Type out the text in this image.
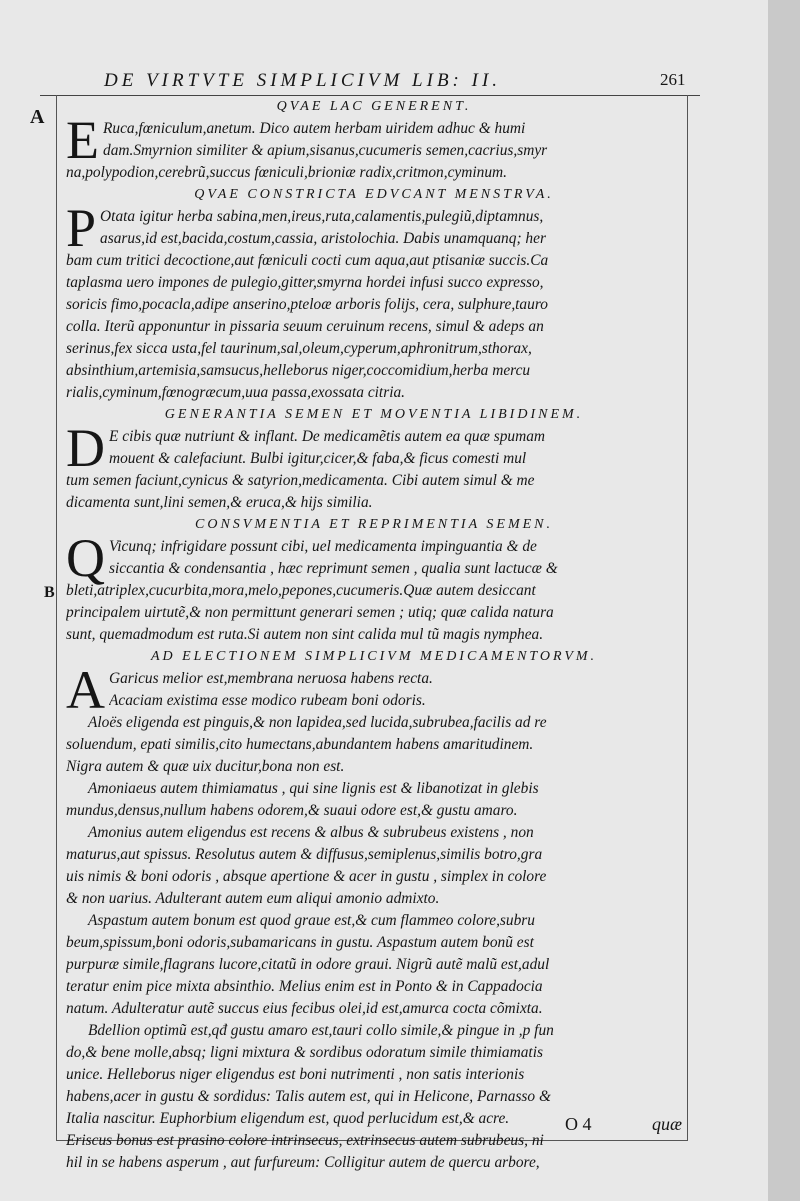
DE VIRTVTE SIMPLICIVM LIB: II.	261
A
B
QVAE LAC GENERENT.
E Ruca,fœniculum,anetum. Dico autem herbam uiridem adhuc & humi
dam.Smyrnion similiter & apium,sisanus,cucumeris semen,cacrius,smyr
na,polypodion,cerebrũ,succus fœniculi,brioniæ radix,critmon,cyminum.
QVAE CONSTRICTA EDVCANT MENSTRVA.
P Otata igitur herba sabina,men,ireus,ruta,calamentis,pulegiũ,diptamnus,
asarus,id est,bacida,costum,cassia, aristolochia. Dabis unamquanq; her
bam cum tritici decoctione,aut fœniculi cocti cum aqua,aut ptisaniæ succis.Ca
taplasma uero impones de pulegio,gitter,smyrna hordei infusi succo expresso,
soricis fimo,pocacla,adipe anserino,pteloæ arboris folijs, cera, sulphure,tauro
colla. Iterũ apponuntur in pissaria seuum ceruinum recens, simul & adeps an
serinus,fex sicca usta,fel taurinum,sal,oleum,cyperum,aphronitrum,sthorax,
absinthium,artemisia,samsucus,helleborus niger,coccomidium,herba mercu
rialis,cyminum,fœnogræcum,uua passa,exossata citria.
GENERANTIA SEMEN ET MOVENTIA LIBIDINEM.
D E cibis quæ nutriunt & inflant. De medicamẽtis autem ea quæ spumam
mouent & calefaciunt. Bulbi igitur,cicer,& faba,& ficus comesti mul
tum semen faciunt,cynicus & satyrion,medicamenta. Cibi autem simul & me
dicamenta sunt,lini semen,& eruca,& hijs similia.
CONSVMENTIA ET REPRIMENTIA SEMEN.
Q Vicunq; infrigidare possunt cibi, uel medicamenta impinguantia & de
siccantia & condensantia , hæc reprimunt semen , qualia sunt lactucæ &
bleti,atriplex,cucurbita,mora,melo,pepones,cucumeris.Quæ autem desiccant
principalem uirtutẽ,& non permittunt generari semen ; utiq; quæ calida natura
sunt, quemadmodum est ruta.Si autem non sint calida mul tũ magis nymphea.
AD ELECTIONEM SIMPLICIVM MEDICAMENTORVM.
A Garicus melior est,membrana neruosa habens recta.
Acaciam existima esse modico rubeam boni odoris.
Aloës eligenda est pinguis,& non lapidea,sed lucida,subrubea,facilis ad re
soluendum, epati similis,cito humectans,abundantem habens amaritudinem.
Nigra autem & quæ uix ducitur,bona non est.
Amoniaeus autem thimiamatus , qui sine lignis est & libanotizat in glebis
mundus,densus,nullum habens odorem,& suaui odore est,& gustu amaro.
Amonius autem eligendus est recens & albus & subrubeus existens , non
maturus,aut spissus. Resolutus autem & diffusus,semiplenus,similis botro,gra
uis nimis & boni odoris , absque apertione & acer in gustu , simplex in colore
& non uarius. Adulterant autem eum aliqui amonio admixto.
Aspastum autem bonum est quod graue est,& cum flammeo colore,subru
beum,spissum,boni odoris,subamaricans in gustu. Aspastum autem bonũ est
purpuræ simile,flagrans lucore,citatũ in odore graui. Nigrũ autẽ malũ est,adul
teratur enim pice mixta absinthio. Melius enim est in Ponto & in Cappadocia
natum. Adulteratur autẽ succus eius fecibus olei,id est,amurca cocta cõmixta.
Bdellion optimũ est,qđ gustu amaro est,tauri collo simile,& pingue in ,p fun
do,& bene molle,absq; ligni mixtura & sordibus odoratum simile thimiamatis
unice. Helleborus niger eligendus est boni nutrimenti , non satis interionis
habens,acer in gustu & sordidus: Talis autem est, qui in Helicone, Parnasso &
Italia nascitur. Euphorbium eligendum est, quod perlucidum est,& acre.
Eriscus bonus est prasino colore intrinsecus, extrinsecus autem subrubeus, ni
hil in se habens asperum , aut furfureum: Colligitur autem de quercu arbore,
O 4	quæ
